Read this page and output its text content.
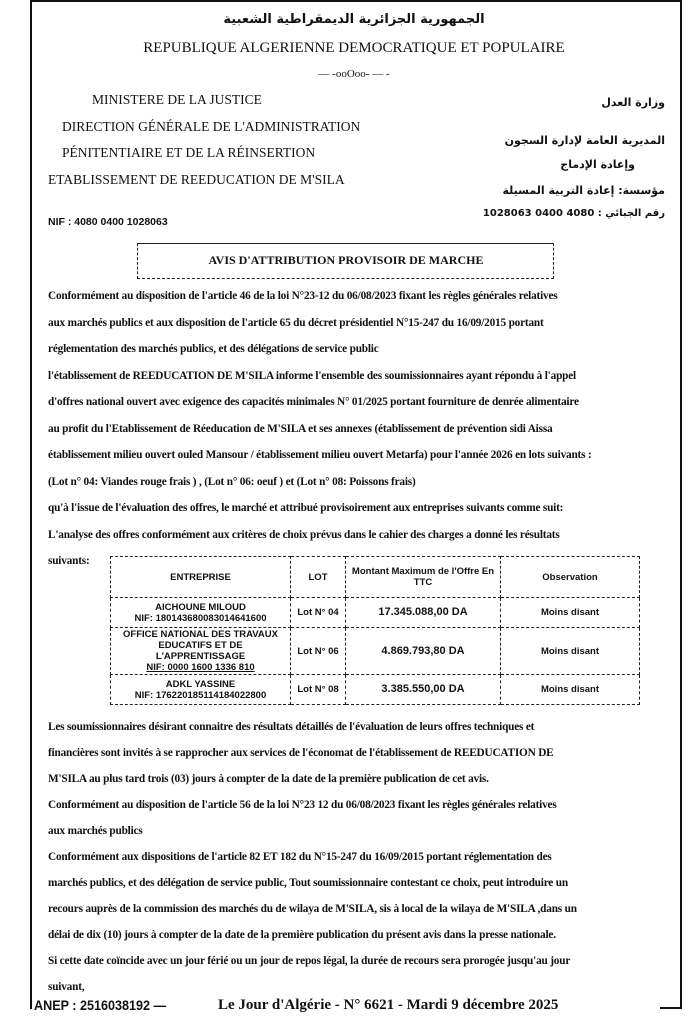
الجمهورية الجزائرية الديمقراطية الشعبية
REPUBLIQUE ALGERIENNE DEMOCRATIQUE ET POPULAIRE
— -ooOoo- — -
MINISTERE DE LA JUSTICE
DIRECTION GÉNÉRALE DE L'ADMINISTRATION
PÉNITENTIAIRE ET DE LA RÉINSERTION
ETABLISSEMENT DE REEDUCATION DE M'SILA
NIF : 4080 0400 1028063
وزارة العدل
المديرية العامة لإدارة السجون
وإعادة الإدماج
مؤسسة: إعادة التربية المسيلة
رقم الجبائي : 4080 0400 1028063
AVIS D'ATTRIBUTION PROVISOIR DE MARCHE
Conformément au disposition de l'article 46 de la loi N°23-12 du 06/08/2023 fixant les règles générales relatives
aux marchés publics et aux disposition de l'article 65 du décret présidentiel N°15-247 du 16/09/2015 portant
réglementation des marchés publics, et des délégations de service public
l'établissement de REEDUCATION DE M'SILA informe l'ensemble des soumissionnaires ayant répondu à l'appel
d'offres national ouvert avec exigence des capacités minimales N° 01/2025 portant fourniture de denrée alimentaire
au profit du l'Etablissement de Réeducation de M'SILA et ses annexes (établissement de prévention sidi Aissa
établissement milieu ouvert ouled Mansour / établissement milieu ouvert Metarfa) pour l'année 2026 en lots suivants :
(Lot n° 04: Viandes rouge frais ) , (Lot n° 06: oeuf ) et (Lot n° 08: Poissons frais)
qu'à l'issue de l'évaluation des offres, le marché et attribué provisoirement aux entreprises suivants comme suit:
L'analyse des offres conformément aux critères de choix prévus dans le cahier des charges a donné les résultats
suivants:
ENTREPRISE	LOT	Montant Maximum de l'Offre En TTC	Observation

AICHOUNE MILOUD
NIF: 180143680083014641600	Lot N° 04	17.345.088,00 DA	Moins disant

OFFICE NATIONAL DES TRAVAUX EDUCATIFS ET DE L'APPRENTISSAGE
NIF: 0000 1600 1336 810	Lot N° 06	4.869.793,80 DA	Moins disant

ADKL YASSINE
NIF: 176220185114184022800	Lot N° 08	3.385.550,00 DA	Moins disant
Les soumissionnaires désirant connaitre des résultats détaillés de l'évaluation de leurs offres techniques et
financières sont invités à se rapprocher aux services de l'économat de l'établissement de REEDUCATION DE
M'SILA au plus tard trois (03) jours à compter de la date de la première publication de cet avis.
Conformément au disposition de l'article 56 de la loi N°23 12 du 06/08/2023 fixant les règles générales relatives
aux marchés publics
Conformément aux dispositions de l'article 82 ET 182 du N°15-247 du 16/09/2015 portant réglementation des
marchés publics, et des délégation de service public, Tout soumissionnaire contestant ce choix, peut introduire un
recours auprès de la commission des marchés du de wilaya de M'SILA, sis à local de la wilaya de M'SILA ,dans un
délai de dix (10) jours à compter de la date de la première publication du présent avis dans la presse nationale.
Si cette date coïncide avec un jour férié ou un jour de repos légal, la durée de recours sera prorogée jusqu'au jour
suivant,
ANEP : 2516038192 —	Le Jour d'Algérie - N° 6621 - Mardi 9 décembre 2025
